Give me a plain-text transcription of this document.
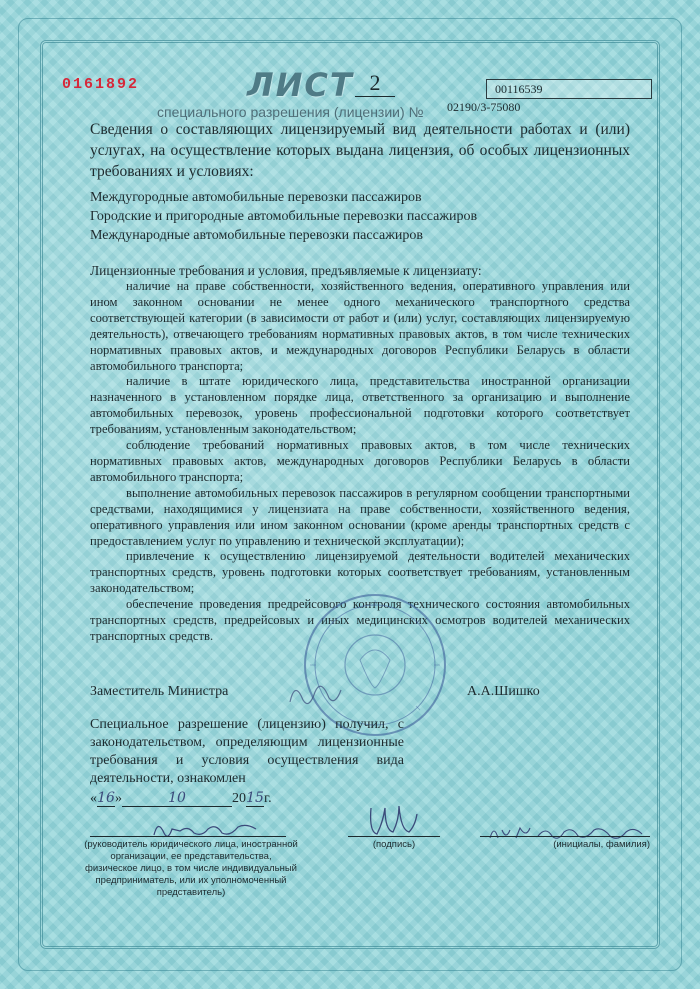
0161892	ЛИСТ 2	00116539
специального разрешения (лицензии) № 02190/3-75080
Сведения о составляющих лицензируемый вид деятельности работах и (или) услугах, на осуществление которых выдана лицензия, об особых лицензионных требованиях и условиях:
Междугородные автомобильные перевозки пассажиров
Городские и пригородные автомобильные перевозки пассажиров
Международные автомобильные перевозки пассажиров
Лицензионные требования и условия, предъявляемые к лицензиату:

наличие на праве собственности, хозяйственного ведения, оперативного управления или ином законном основании не менее одного механического транспортного средства соответствующей категории (в зависимости от работ и (или) услуг, составляющих лицензируемую деятельность), отвечающего требованиям нормативных правовых актов, в том числе технических нормативных правовых актов, и международных договоров Республики Беларусь в области автомобильного транспорта;

наличие в штате юридического лица, представительства иностранной организации назначенного в установленном порядке лица, ответственного за организацию и выполнение автомобильных перевозок, уровень профессиональной подготовки которого соответствует требованиям, установленным законодательством;

соблюдение требований нормативных правовых актов, в том числе технических нормативных правовых актов, международных договоров Республики Беларусь в области автомобильного транспорта;

выполнение автомобильных перевозок пассажиров в регулярном сообщении транспортными средствами, находящимися у лицензиата на праве собственности, хозяйственного ведения, оперативного управления или ином законном основании (кроме аренды транспортных средств с предоставлением услуг по управлению и технической эксплуатации);

привлечение к осуществлению лицензируемой деятельности водителей механических транспортных средств, уровень подготовки которых соответствует требованиям, установленным законодательством;

обеспечение проведения предрейсового контроля технического состояния автомобильных транспортных средств, предрейсовых и иных медицинских осмотров водителей механических транспортных средств.

Заместитель Министра	А.А.Шишко
Специальное разрешение (лицензию) получил, с законодательством, определяющим лицензионные требования и условия осуществления вида деятельности, ознакомлен
«16»	10	2015г.
(руководитель юридического лица, иностранной организации, ее представительства, физическое лицо, в том числе индивидуальный предприниматель, или их уполномоченный представитель)
(подпись)	(инициалы, фамилия)
